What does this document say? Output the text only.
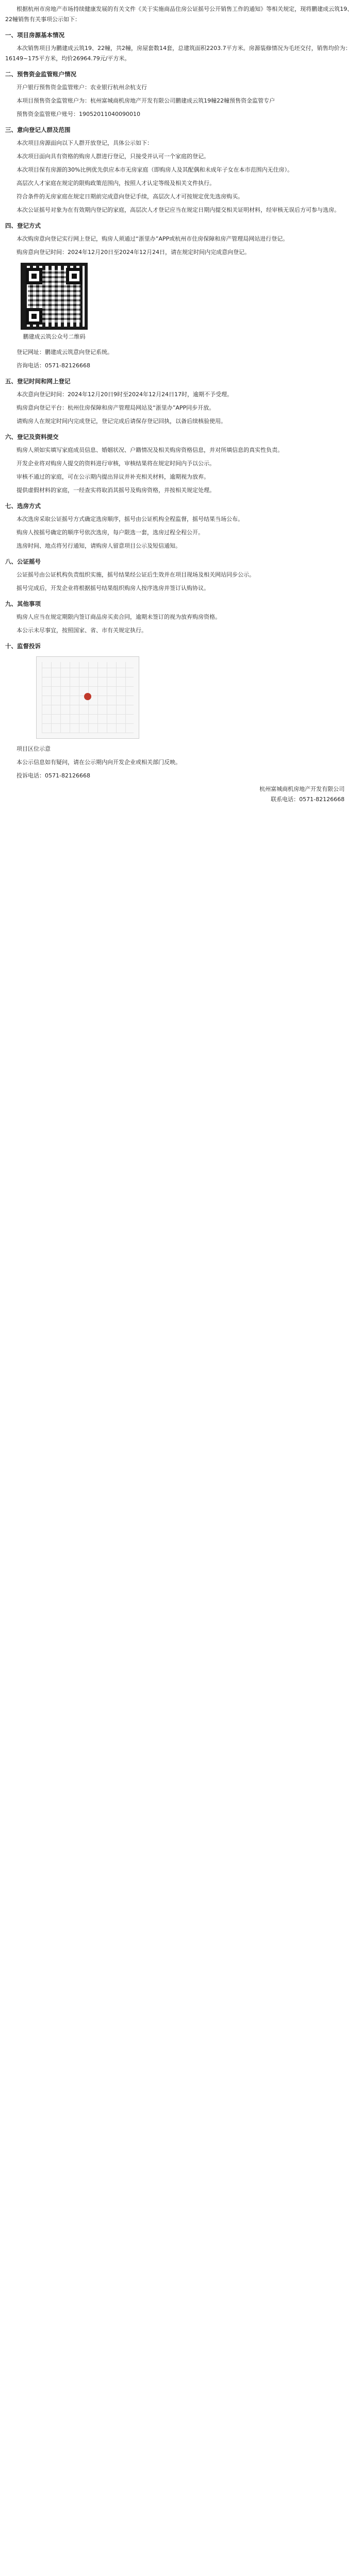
根据杭州市房地产市场持续健康发展的有关文件《关于实施商品住房公证摇号公开销售工作的通知》等相关规定，现将鹏建成云筑19、22幢销售有关事项公示如下：

一、项目房源基本情况

本次销售项目为鹏建成云筑19、22幢，共2幢，房屋套数14套，总建筑面积2203.7平方米。房源装修情况为毛坯交付，销售均价为：16149~175平方米，均价26964.79元/平方米。

二、预售资金监管账户情况

开户银行预售资金监管账户：农业银行杭州余杭支行

本项目预售资金监管账户为：杭州富城商机房地产开发有限公司鹏建成云筑19幢22幢预售资金监管专户

预售资金监管账户账号：19052011040090010

三、意向登记人群及范围

本次项目房源面向以下人群开放登记，具体公示如下：

本次项目面向具有资格的购房人群进行登记，只接受并认可一个家庭的登记。

本次项目保有房源的30%比例优先供应本市无房家庭（即购房人及其配偶和未成年子女在本市范围内无住房）。

高层次人才家庭在规定的限购政策范围内，按照人才认定等级及相关文件执行。

符合条件的无房家庭在规定日期前完成意向登记手续，高层次人才可按规定优先选房购买。

本次公证摇号对象为在有效期内登记的家庭，高层次人才登记应当在规定日期内提交相关证明材料，经审核无误后方可参与选房。

四、登记方式

本次购房意向登记实行网上登记，购房人须通过“浙里办”APP或杭州市住房保障和房产管理局网站进行登记。

购房意向登记时间：2024年12月20日至2024年12月24日，请在规定时间内完成意向登记。

鹏建成云筑公众号二维码

登记网址：鹏建成云筑意向登记系统。

咨询电话：0571-82126668

五、登记时间和网上登记

本次意向登记时间：2024年12月20日9时至2024年12月24日17时，逾期不予受理。

购房意向登记平台：杭州住房保障和房产管理局网站及“浙里办”APP同步开放。

请购房人在规定时间内完成登记，登记完成后请保存登记回执，以备后续核验使用。

六、登记及资料提交

购房人须如实填写家庭成员信息、婚姻状况、户籍情况及相关购房资格信息，并对所填信息的真实性负责。

开发企业将对购房人提交的资料进行审核，审核结果将在规定时间内予以公示。

审核不通过的家庭，可在公示期内提出异议并补充相关材料，逾期视为放弃。

提供虚假材料的家庭，一经查实将取消其摇号及购房资格，并按相关规定处理。

七、选房方式

本次选房采取公证摇号方式确定选房顺序，摇号由公证机构全程监督，摇号结果当场公布。

购房人按摇号确定的顺序号依次选房，每户限选一套，选房过程全程公开。

选房时间、地点将另行通知，请购房人留意项目公示及短信通知。

八、公证摇号

公证摇号由公证机构负责组织实施，摇号结果经公证后生效并在项目现场及相关网站同步公示。

摇号完成后，开发企业将根据摇号结果组织购房人按序选房并签订认购协议。

九、其他事项

购房人应当在规定期限内签订商品房买卖合同，逾期未签订的视为放弃购房资格。

本公示未尽事宜，按照国家、省、市有关规定执行。

十、监督投诉

项目区位示意

本公示信息如有疑问，请在公示期内向开发企业或相关部门反映。

投诉电话：0571-82126668

杭州富城商机房地产开发有限公司
联系电话：0571-82126668
